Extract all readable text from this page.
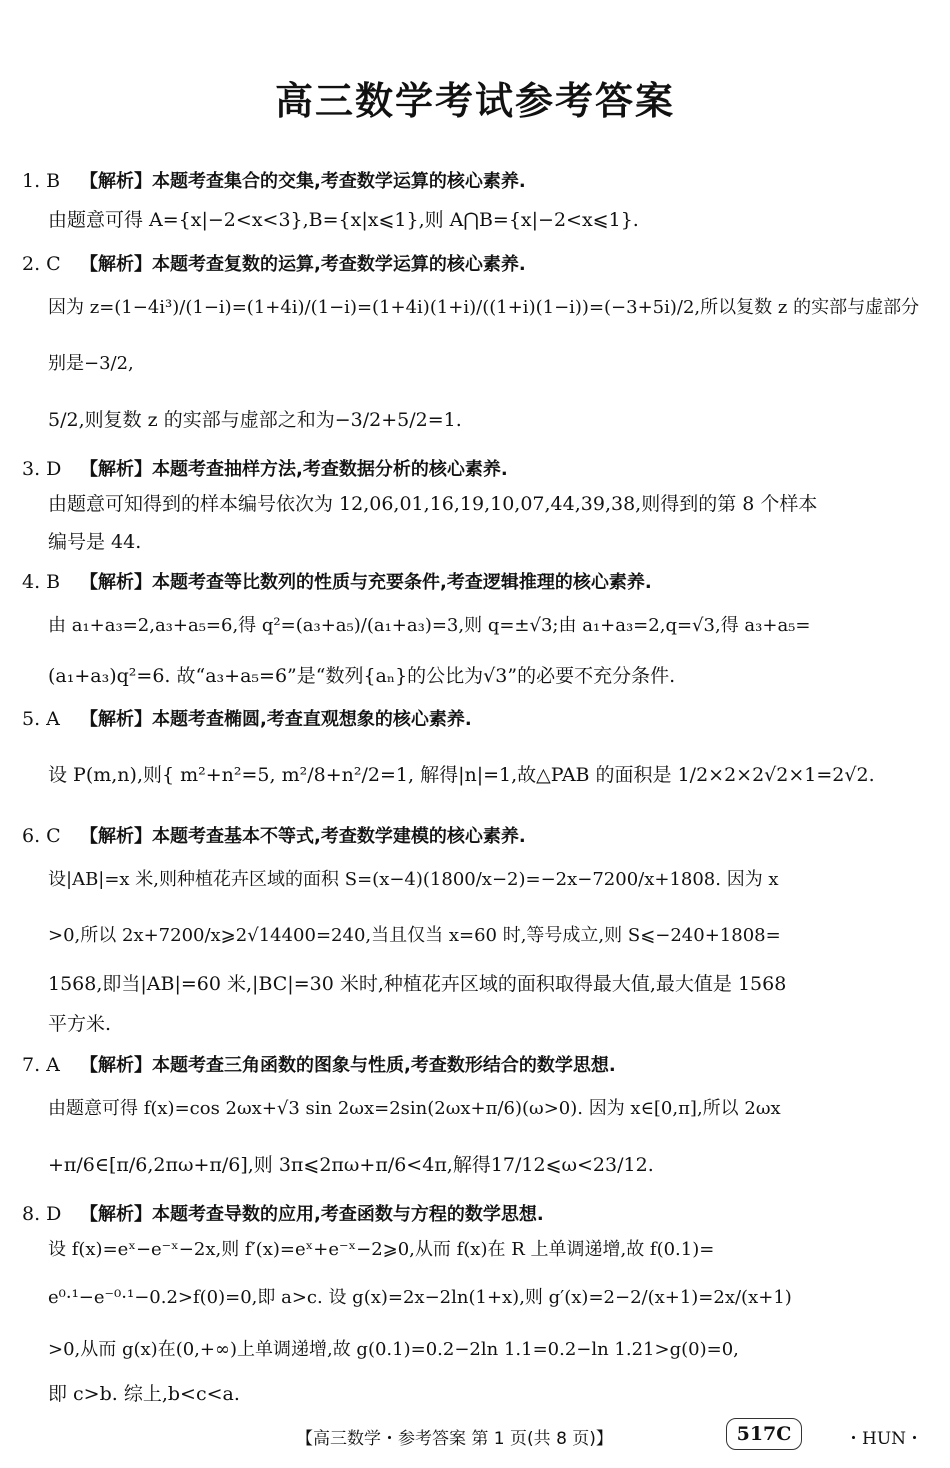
高三数学考试参考答案
1. B 【解析】本题考查集合的交集,考查数学运算的核心素养.

由题意可得 A={x|−2<x<3},B={x|x⩽1},则 A⋂B={x|−2<x⩽1}.

2. C 【解析】本题考查复数的运算,考查数学运算的核心素养.

因为 z=(1−4i³)/(1−i)=(1+4i)/(1−i)=(1+4i)(1+i)/((1+i)(1−i))=(−3+5i)/2,所以复数 z 的实部与虚部分别是−3/2,

5/2,则复数 z 的实部与虚部之和为−3/2+5/2=1.

3. D 【解析】本题考查抽样方法,考查数据分析的核心素养.

由题意可知得到的样本编号依次为 12,06,01,16,19,10,07,44,39,38,则得到的第 8 个样本

编号是 44.

4. B 【解析】本题考查等比数列的性质与充要条件,考查逻辑推理的核心素养.

由 a₁+a₃=2,a₃+a₅=6,得 q²=(a₃+a₅)/(a₁+a₃)=3,则 q=±√3;由 a₁+a₃=2,q=√3,得 a₃+a₅=

(a₁+a₃)q²=6. 故“a₃+a₅=6”是“数列{aₙ}的公比为√3”的必要不充分条件.

5. A 【解析】本题考查椭圆,考查直观想象的核心素养.

设 P(m,n),则{ m²+n²=5, m²/8+n²/2=1, 解得|n|=1,故△PAB 的面积是 1/2×2×2√2×1=2√2.

6. C 【解析】本题考查基本不等式,考查数学建模的核心素养.

设|AB|=x 米,则种植花卉区域的面积 S=(x−4)(1800/x−2)=−2x−7200/x+1808. 因为 x

>0,所以 2x+7200/x⩾2√14400=240,当且仅当 x=60 时,等号成立,则 S⩽−240+1808=

1568,即当|AB|=60 米,|BC|=30 米时,种植花卉区域的面积取得最大值,最大值是 1568

平方米.

7. A 【解析】本题考查三角函数的图象与性质,考查数形结合的数学思想.

由题意可得 f(x)=cos 2ωx+√3 sin 2ωx=2sin(2ωx+π/6)(ω>0). 因为 x∈[0,π],所以 2ωx

+π/6∈[π/6,2πω+π/6],则 3π⩽2πω+π/6<4π,解得17/12⩽ω<23/12.

8. D 【解析】本题考查导数的应用,考查函数与方程的数学思想.

设 f(x)=eˣ−e⁻ˣ−2x,则 f′(x)=eˣ+e⁻ˣ−2⩾0,从而 f(x)在 R 上单调递增,故 f(0.1)=

e⁰·¹−e⁻⁰·¹−0.2>f(0)=0,即 a>c. 设 g(x)=2x−2ln(1+x),则 g′(x)=2−2/(x+1)=2x/(x+1)

>0,从而 g(x)在(0,+∞)上单调递增,故 g(0.1)=0.2−2ln 1.1=0.2−ln 1.21>g(0)=0,

即 c>b. 综上,b<c<a.

【高三数学・参考答案 第 1 页(共 8 页)】	517C	・HUN・
